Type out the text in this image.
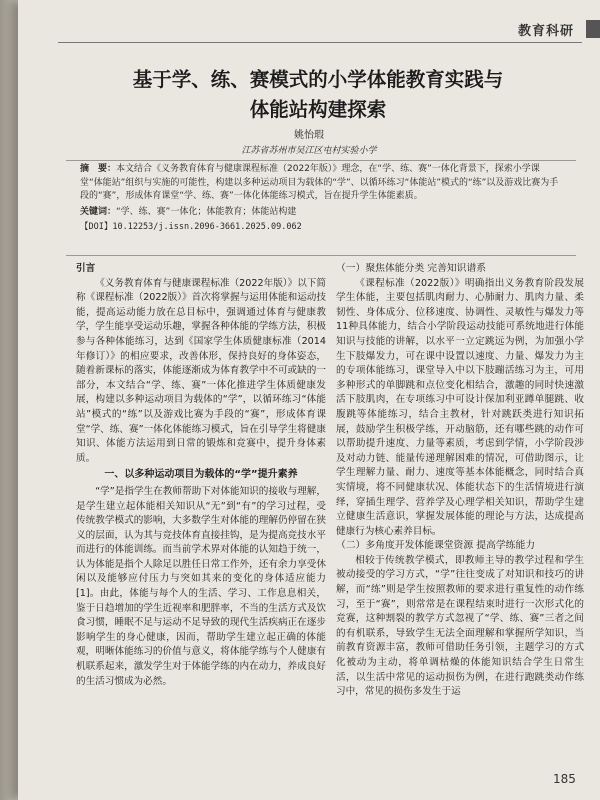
教育科研
基于学、练、赛模式的小学体能教育实践与
体能站构建探索
姚怡瑕
江苏省苏州市吴江区屯村实验小学

摘　要：本文结合《义务教育体育与健康课程标准（2022年版）》理念，在“学、练、赛”一体化背景下，探索小学课堂“体能站”组织与实施的可能性，构建以多种运动项目为载体的“学”、以循环练习“体能站”模式的“练”以及游戏比赛为手段的“赛”，形成体育课堂“学、练、赛”一体化体能练习模式，旨在提升学生体能素质。

关键词：“学、练、赛”一体化；体能教育；体能站构建

【DOI】10.12253/j.issn.2096-3661.2025.09.062

引言

《义务教育体育与健康课程标准（2022年版）》以下简称《课程标准（2022版）》首次将掌握与运用体能和运动技能，提高运动能力放在总目标中，强调通过体育与健康教学，学生能享受运动乐趣，掌握各种体能的学练方法，积极参与各种体能练习，达到《国家学生体质健康标准（2014年修订）》的相应要求，改善体形，保持良好的身体姿态，随着新课标的落实，体能逐渐成为体育教学中不可或缺的一部分，本文结合“学、练、赛”一体化推进学生体质健康发展，构建以多种运动项目为载体的“学”，以循环练习“体能站”模式的“练”以及游戏比赛为手段的“赛”，形成体育课堂“学、练、赛”一体化体能练习模式，旨在引导学生将健康知识、体能方法运用到日常的锻炼和竞赛中，提升身体素质。

一、以多种运动项目为载体的“学”提升素养

“学”是指学生在教师帮助下对体能知识的接收与理解，是学生建立起体能相关知识从“无”到“有”的学习过程，受传统教学模式的影响，大多数学生对体能的理解仍停留在狭义的层面，认为其与竞技体育直接挂钩，是为提高竞技水平而进行的体能训练。而当前学术界对体能的认知趋于统一，认为体能是指个人除足以胜任日常工作外，还有余力享受休闲以及能够应付压力与突如其来的变化的身体适应能力[1]。由此，体能与每个人的生活、学习、工作息息相关，鉴于日趋增加的学生近视率和肥胖率，不当的生活方式及饮食习惯，睡眠不足与运动不足导致的现代生活疾病正在逐步影响学生的身心健康，因而，帮助学生建立起正确的体能观，明晰体能练习的价值与意义，将体能学练与个人健康有机联系起来，激发学生对于体能学练的内在动力，养成良好的生活习惯成为必然。

（一）聚焦体能分类 完善知识谱系

《课程标准（2022版）》明确指出义务教育阶段发展学生体能，主要包括肌肉耐力、心肺耐力、肌肉力量、柔韧性、身体成分、位移速度、协调性、灵敏性与爆发力等11种具体能力，结合小学阶段运动技能可系统地进行体能知识与技能的讲解，以水平一立定跳远为例，为加强小学生下肢爆发力，可在课中设置以速度、力量、爆发力为主的专项体能练习，课堂导入中以下肢蹦活练习为主，可用多种形式的单脚跳和点位变化相结合，激趣的同时快速激活下肢肌肉，在专项练习中可设计保加利亚蹲单腿跳、收腹跳等体能练习，结合主教材，针对跳跃类进行知识拓展，鼓励学生积极学练，开动脑筋，还有哪些跳的动作可以帮助提升速度、力量等素质，考虑到学情，小学阶段涉及对动力链、能量传递理解困难的情况，可借助图示，让学生理解力量、耐力、速度等基本体能概念，同时结合真实情境，将不同健康状况、体能状态下的生活情境进行演绎，穿插生理学、营养学及心理学相关知识，帮助学生建立健康生活意识，掌握发展体能的理论与方法，达成提高健康行为核心素养目标。

（二）多角度开发体能课堂资源 提高学练能力

相较于传统教学模式，即教师主导的教学过程和学生被动接受的学习方式，“学”往往变成了对知识和技巧的讲解，而“练”则是学生按照教师的要求进行重复性的动作练习，至于“赛”，则常常是在课程结束时进行一次形式化的竞赛，这种割裂的教学方式忽视了“学、练、赛”三者之间的有机联系，导致学生无法全面理解和掌握所学知识，当前教育资源丰富，教师可借助任务引领，主题学习的方式化被动为主动，将单调枯燥的体能知识结合学生日常生活，以生活中常见的运动损伤为例，在进行跑跳类动作练习中，常见的损伤多发生于运

185
